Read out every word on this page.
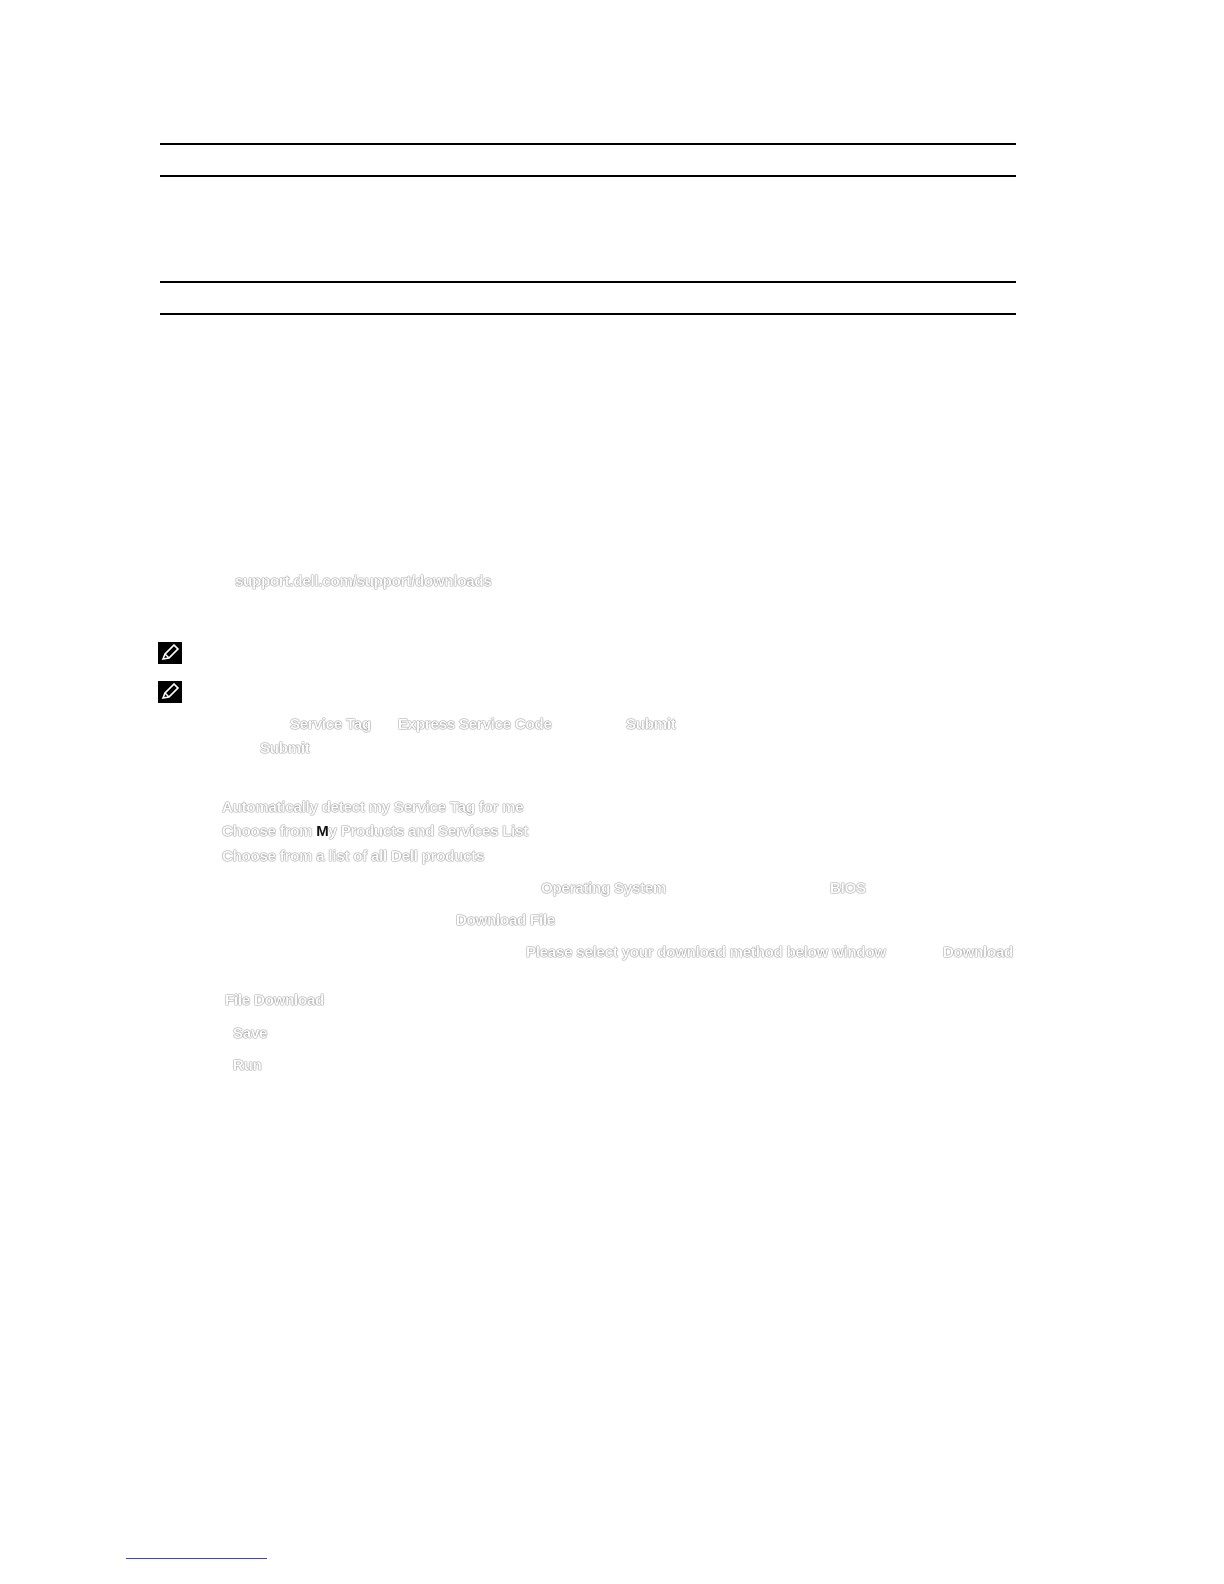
support.dell.com/support/downloads
Service Tag Express Service Code	Submit
Submit
Automatically detect my Service Tag for me
Choose from My Products and Services List
Choose from a list of all Dell products
Operating System	BIOS
Download File
Please select your download method below window	Download
File Download
Save
Run
